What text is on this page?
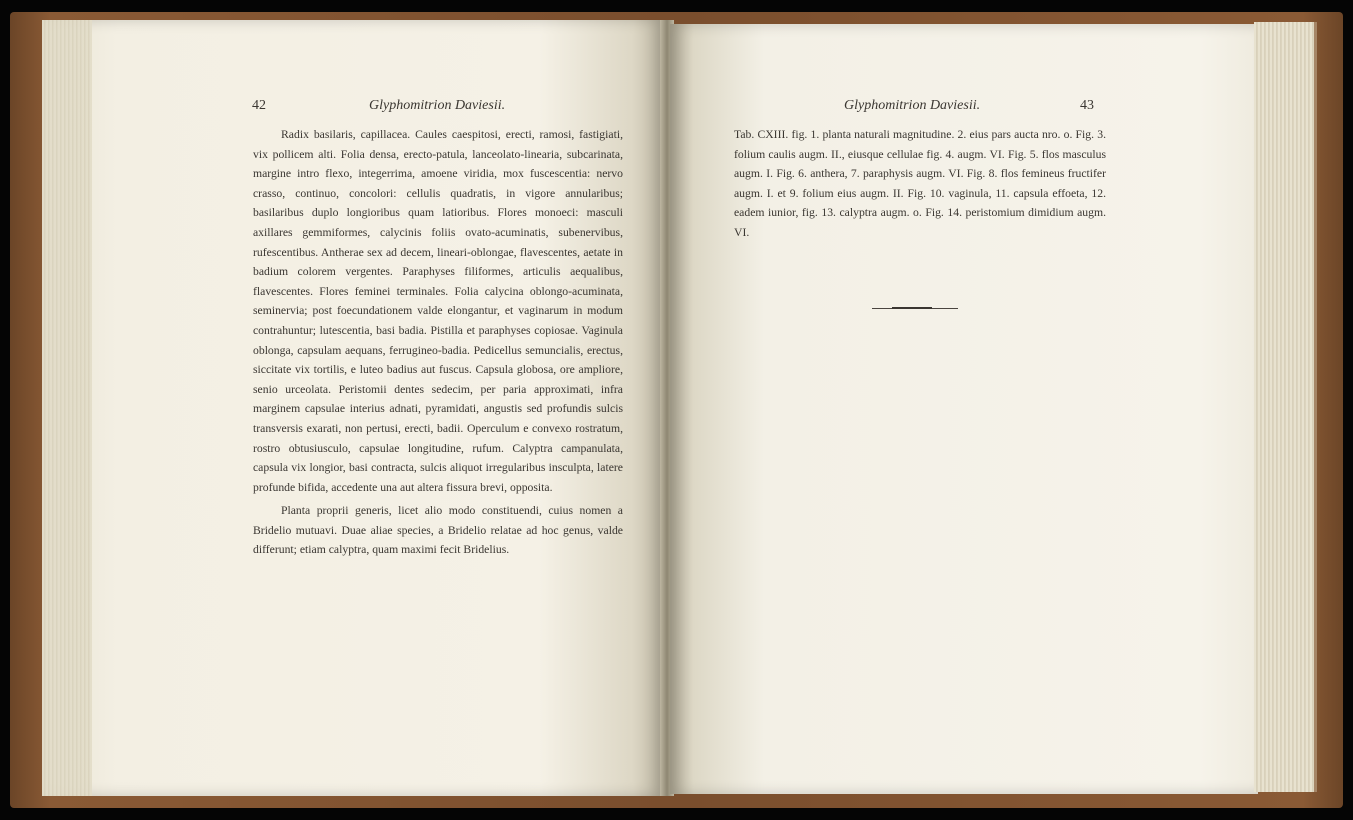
42	Glyphomitrion Daviesii.

Radix basilaris, capillacea. Caules caespitosi, erecti, ramosi, fastigiati, vix pollicem alti. Folia densa, erecto-patula, lanceolato-linearia, subcarinata, margine intro flexo, integerrima, amoene viridia, mox fuscescentia: nervo crasso, continuo, concolori: cellulis quadratis, in vigore annularibus; basilaribus duplo longioribus quam latioribus. Flores monoeci: masculi axillares gemmiformes, calycinis foliis ovato-acuminatis, subenervibus, rufescentibus. Antherae sex ad decem, lineari-oblongae, flavescentes, aetate in badium colorem vergentes. Paraphyses filiformes, articulis aequalibus, flavescentes. Flores feminei terminales. Folia calycina oblongo-acuminata, seminervia; post foecundationem valde elongantur, et vaginarum in modum contrahuntur; lutescentia, basi badia. Pistilla et paraphyses copiosae. Vaginula oblonga, capsulam aequans, ferrugineo-badia. Pedicellus semuncialis, erectus, siccitate vix tortilis, e luteo badius aut fuscus. Capsula globosa, ore ampliore, senio urceolata. Peristomii dentes sedecim, per paria approximati, infra marginem capsulae interius adnati, pyramidati, angustis sed profundis sulcis transversis exarati, non pertusi, erecti, badii. Operculum e convexo rostratum, rostro obtusiusculo, capsulae longitudine, rufum. Calyptra campanulata, capsula vix longior, basi contracta, sulcis aliquot irregularibus insculpta, latere profunde bifida, accedente una aut altera fissura brevi, opposita.

Planta proprii generis, licet alio modo constituendi, cuius nomen a Bridelio mutuavi. Duae aliae species, a Bridelio relatae ad hoc genus, valde differunt; etiam calyptra, quam maximi fecit Bridelius.

Glyphomitrion Daviesii.	43

Tab. CXIII. fig. 1. planta naturali magnitudine. 2. eius pars aucta nro. o. Fig. 3. folium caulis augm. II., eiusque cellulae fig. 4. augm. VI. Fig. 5. flos masculus augm. I. Fig. 6. anthera, 7. paraphysis augm. VI. Fig. 8. flos femineus fructifer augm. I. et 9. folium eius augm. II. Fig. 10. vaginula, 11. capsula effoeta, 12. eadem iunior, fig. 13. calyptra augm. o. Fig. 14. peristomium dimidium augm. VI.
